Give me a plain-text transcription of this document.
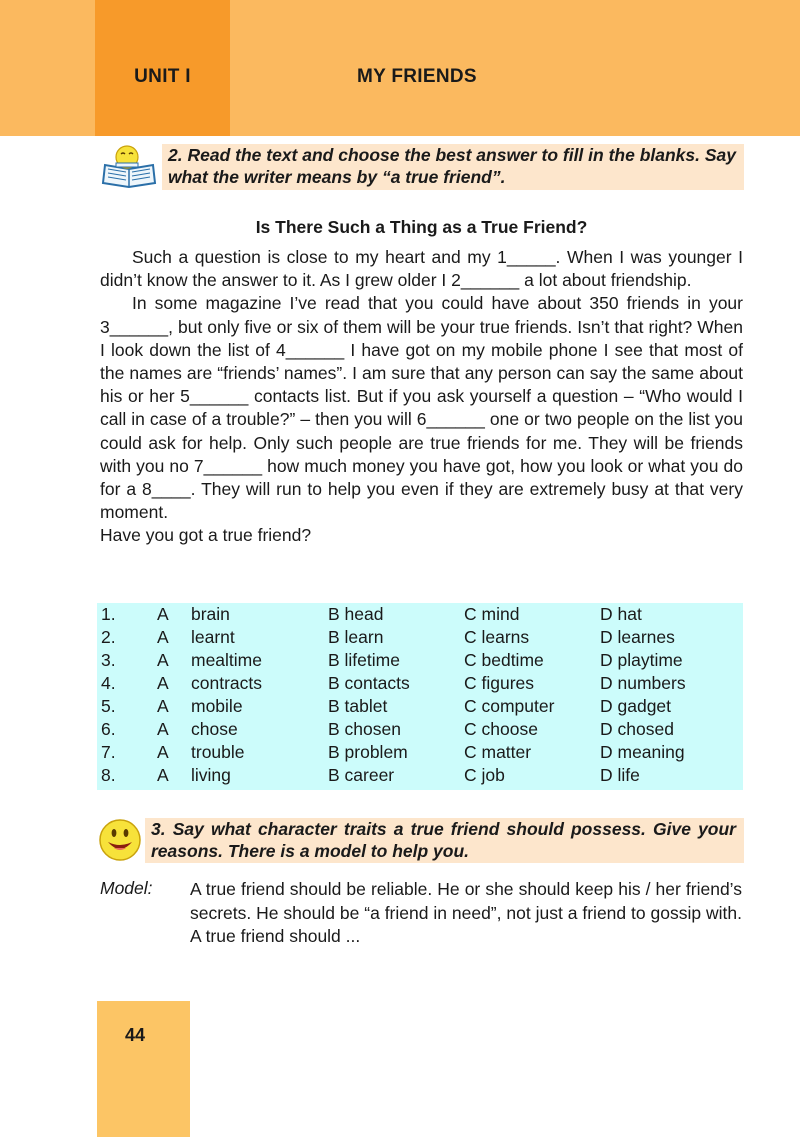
UNIT I	MY FRIENDS
2. Read the text and choose the best answer to fill in the blanks. Say what the writer means by “a true friend”.
Is There Such a Thing as a True Friend?

Such a question is close to my heart and my 1_____. When I was younger I didn’t know the answer to it. As I grew older I 2______ a lot about friendship.

In some magazine I’ve read that you could have about 350 friends in your 3______, but only five or six of them will be your true friends. Isn’t that right? When I look down the list of 4______ I have got on my mobile phone I see that most of the names are “friends’ names”. I am sure that any person can say the same about his or her 5______ contacts list. But if you ask yourself a question – “Who would I call in case of a trouble?” – then you will 6______ one or two people on the list you could ask for help. Only such people are true friends for me. They will be friends with you no 7______ how much money you have got, how you look or what you do for a 8____. They will run to help you even if they are extremely busy at that very moment.

Have you got a true friend?

1. A brain	B head	C mind	D hat
2. A learnt	B learn	C learns	D learnes
3. A mealtime	B lifetime	C bedtime	D playtime
4. A contracts	B contacts	C figures	D numbers
5. A mobile	B tablet	C computer	D gadget
6. A chose	B chosen	C choose	D chosed
7. A trouble	B problem	C matter	D meaning
8. A living	B career	C job	D life
3. Say what character traits a true friend should possess. Give your reasons. There is a model to help you.
Model: A true friend should be reliable. He or she should keep his / her friend’s secrets. He should be “a friend in need”, not just a friend to gossip with. A true friend should ...
44
